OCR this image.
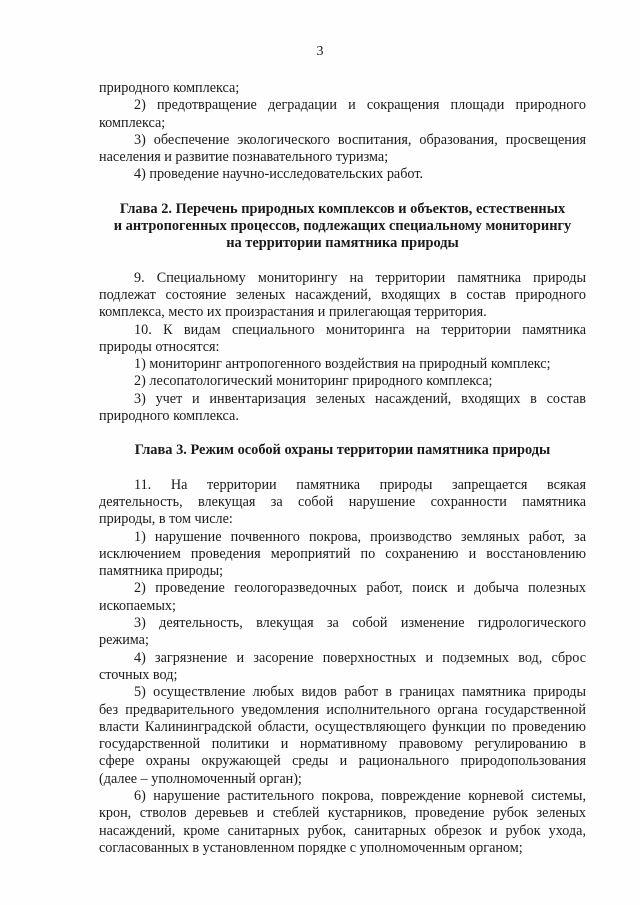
3
природного комплекса;
2) предотвращение деградации и сокращения площади природного
комплекса;
3) обеспечение экологического воспитания, образования, просвещения
населения и развитие познавательного туризма;
4) проведение научно-исследовательских работ.
Глава 2. Перечень природных комплексов и объектов, естественных
и антропогенных процессов, подлежащих специальному мониторингу
на территории памятника природы
9. Специальному мониторингу на территории памятника природы
подлежат состояние зеленых насаждений, входящих в состав природного
комплекса, место их произрастания и прилегающая территория.
10. К видам специального мониторинга на территории памятника
природы относятся:
1) мониторинг антропогенного воздействия на природный комплекс;
2) лесопатологический мониторинг природного комплекса;
3) учет и инвентаризация зеленых насаждений, входящих в состав
природного комплекса.
Глава 3. Режим особой охраны территории памятника природы
11. На территории памятника природы запрещается всякая
деятельность, влекущая за собой нарушение сохранности памятника
природы, в том числе:
1) нарушение почвенного покрова, производство земляных работ, за
исключением проведения мероприятий по сохранению и восстановлению
памятника природы;
2) проведение геологоразведочных работ, поиск и добыча полезных
ископаемых;
3) деятельность, влекущая за собой изменение гидрологического
режима;
4) загрязнение и засорение поверхностных и подземных вод, сброс
сточных вод;
5) осуществление любых видов работ в границах памятника природы
без предварительного уведомления исполнительного органа государственной
власти Калининградской области, осуществляющего функции по проведению
государственной политики и нормативному правовому регулированию в
сфере охраны окружающей среды и рационального природопользования
(далее – уполномоченный орган);
6) нарушение растительного покрова, повреждение корневой системы,
крон, стволов деревьев и стеблей кустарников, проведение рубок зеленых
насаждений, кроме санитарных рубок, санитарных обрезок и рубок ухода,
согласованных в установленном порядке с уполномоченным органом;
